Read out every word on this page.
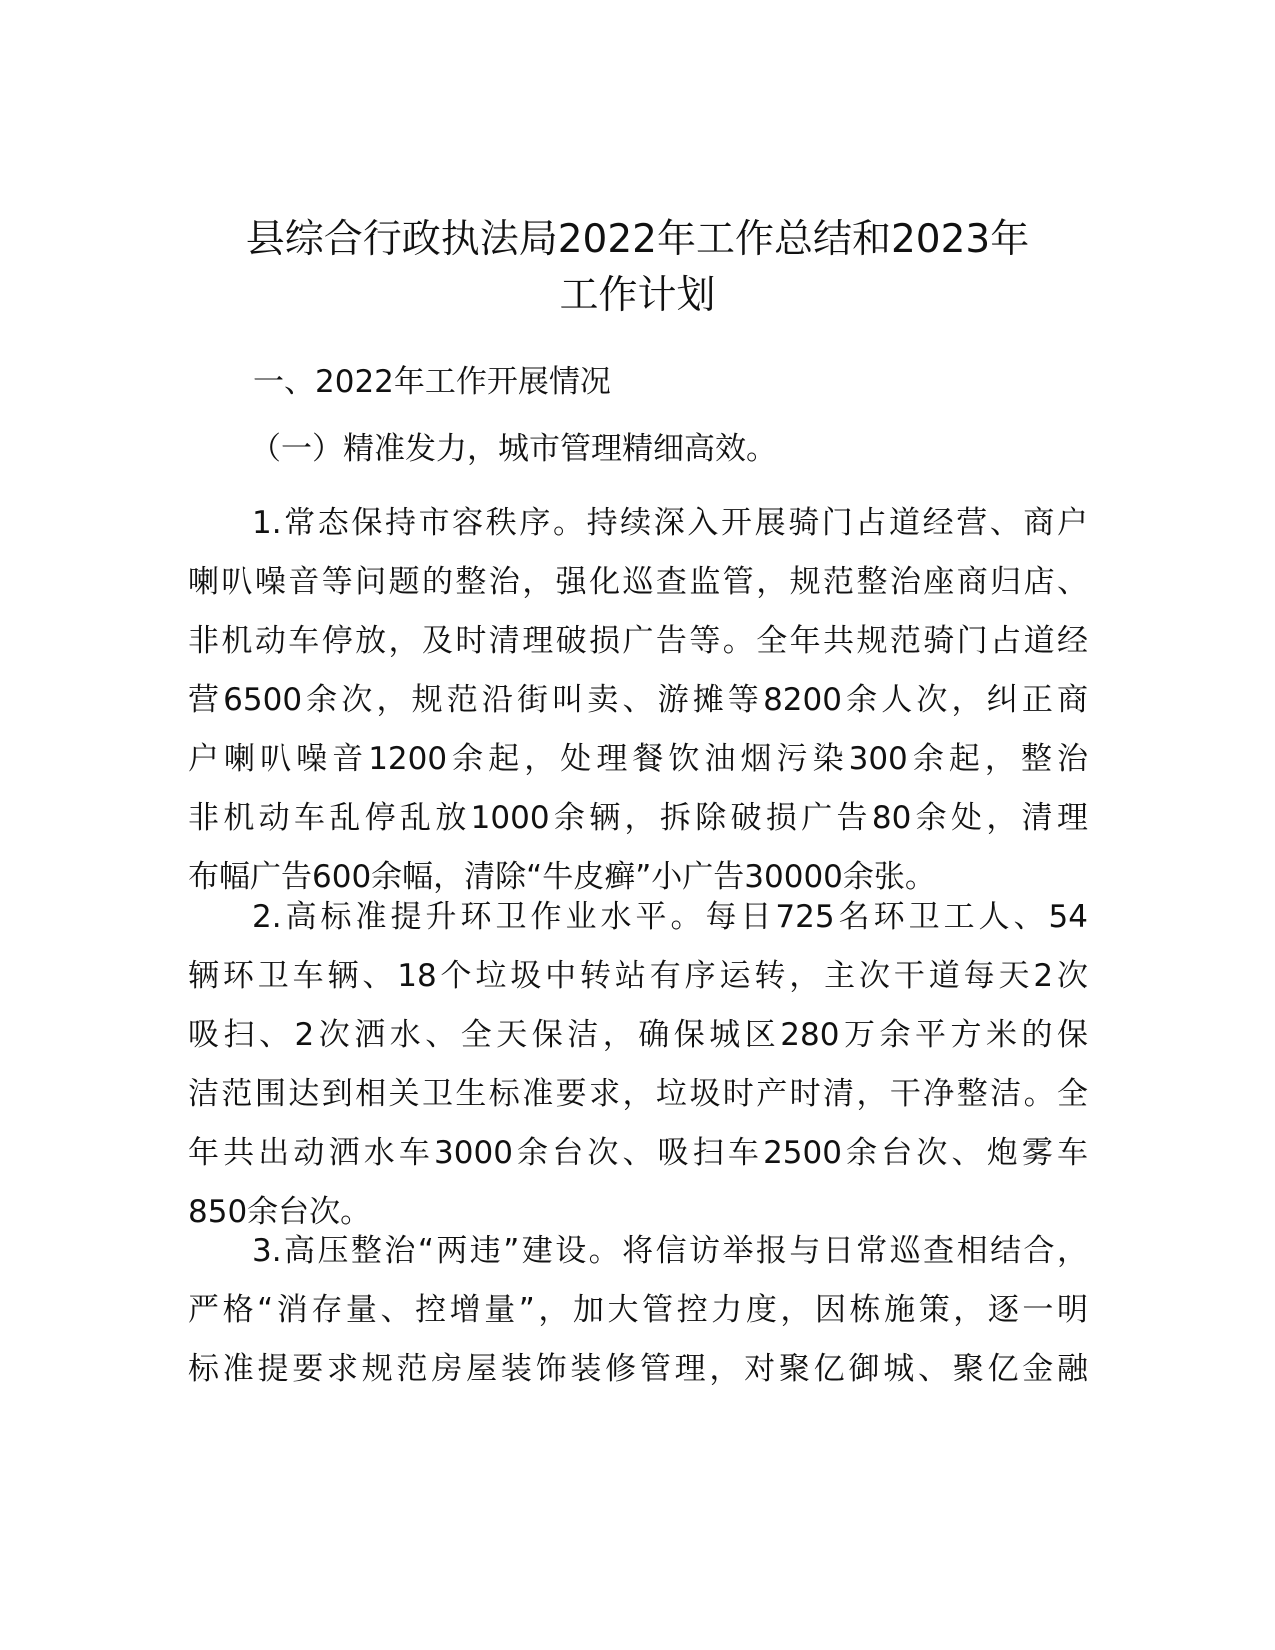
县综合行政执法局2022年工作总结和2023年
工作计划

一、2022年工作开展情况

（一）精准发力，城市管理精细高效。

1.常态保持市容秩序。持续深入开展骑门占道经营、商户
喇叭噪音等问题的整治，强化巡查监管，规范整治座商归店、
非机动车停放，及时清理破损广告等。全年共规范骑门占道经
营6500余次，规范沿街叫卖、游摊等8200余人次，纠正商
户喇叭噪音1200余起，处理餐饮油烟污染300余起，整治
非机动车乱停乱放1000余辆，拆除破损广告80余处，清理
布幅广告600余幅，清除“牛皮癣”小广告30000余张。
2.高标准提升环卫作业水平。每日725名环卫工人、54
辆环卫车辆、18个垃圾中转站有序运转，主次干道每天2次
吸扫、2次洒水、全天保洁，确保城区280万余平方米的保
洁范围达到相关卫生标准要求，垃圾时产时清，干净整洁。全
年共出动洒水车3000余台次、吸扫车2500余台次、炮雾车
850余台次。
3.高压整治“两违”建设。将信访举报与日常巡查相结合，
严格“消存量、控增量”，加大管控力度，因栋施策，逐一明
标准提要求规范房屋装饰装修管理，对聚亿御城、聚亿金融
